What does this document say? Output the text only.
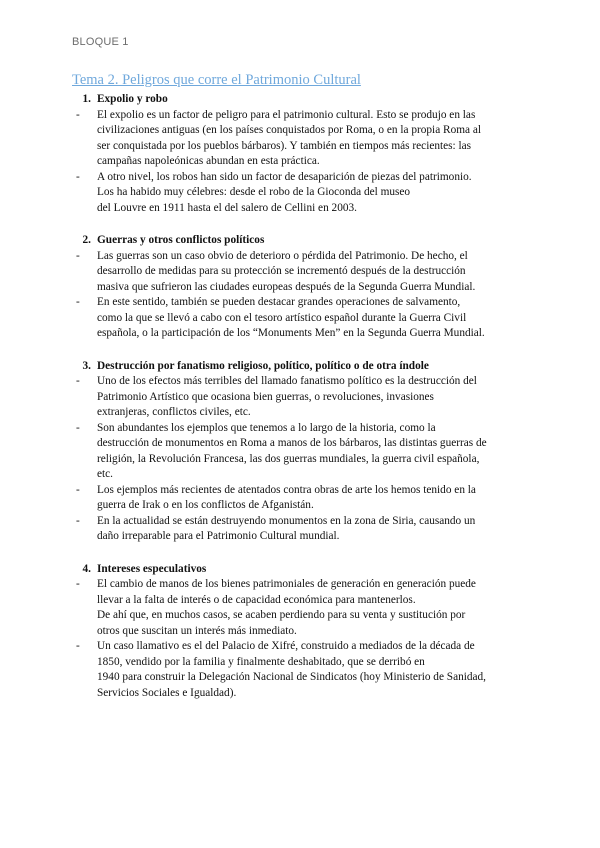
BLOQUE 1
Tema 2. Peligros que corre el Patrimonio Cultural
1. Expolio y robo
-	El expolio es un factor de peligro para el patrimonio cultural. Esto se produjo en las
civilizaciones antiguas (en los países conquistados por Roma, o en la propia Roma al
ser conquistada por los pueblos bárbaros). Y también en tiempos más recientes: las
campañas napoleónicas abundan en esta práctica.
-	A otro nivel, los robos han sido un factor de desaparición de piezas del patrimonio.
Los ha habido muy célebres: desde el robo de la Gioconda del museo
del Louvre en 1911 hasta el del salero de Cellini en 2003.
2. Guerras y otros conflictos políticos
-	Las guerras son un caso obvio de deterioro o pérdida del Patrimonio. De hecho, el
desarrollo de medidas para su protección se incrementó después de la destrucción
masiva que sufrieron las ciudades europeas después de la Segunda Guerra Mundial.
-	En este sentido, también se pueden destacar grandes operaciones de salvamento,
como la que se llevó a cabo con el tesoro artístico español durante la Guerra Civil
española, o la participación de los “Monuments Men” en la Segunda Guerra Mundial.
3. Destrucción por fanatismo religioso, político, político o de otra índole
-	Uno de los efectos más terribles del llamado fanatismo político es la destrucción del
Patrimonio Artístico que ocasiona bien guerras, o revoluciones, invasiones
extranjeras, conflictos civiles, etc.
-	Son abundantes los ejemplos que tenemos a lo largo de la historia, como la
destrucción de monumentos en Roma a manos de los bárbaros, las distintas guerras de
religión, la Revolución Francesa, las dos guerras mundiales, la guerra civil española,
etc.
-	Los ejemplos más recientes de atentados contra obras de arte los hemos tenido en la
guerra de Irak o en los conflictos de Afganistán.
-	En la actualidad se están destruyendo monumentos en la zona de Siria, causando un
daño irreparable para el Patrimonio Cultural mundial.
4. Intereses especulativos
-	El cambio de manos de los bienes patrimoniales de generación en generación puede
llevar a la falta de interés o de capacidad económica para mantenerlos.
De ahí que, en muchos casos, se acaben perdiendo para su venta y sustitución por
otros que suscitan un interés más inmediato.
-	Un caso llamativo es el del Palacio de Xifré, construido a mediados de la década de
1850, vendido por la familia y finalmente deshabitado, que se derribó en
1940 para construir la Delegación Nacional de Sindicatos (hoy Ministerio de Sanidad,
Servicios Sociales e Igualdad).
